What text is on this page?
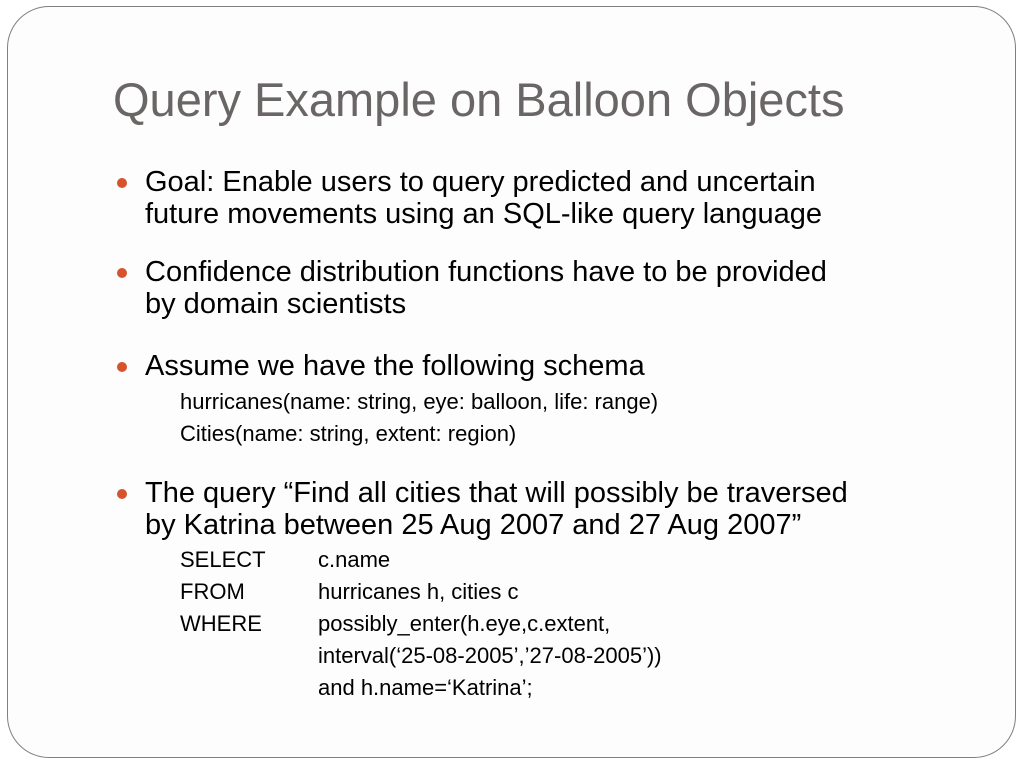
Query Example on Balloon Objects
Goal: Enable users to query predicted and uncertain
future movements using an SQL-like query language
Confidence distribution functions have to be provided
by domain scientists
Assume we have the following schema
hurricanes(name: string, eye: balloon, life: range)
Cities(name: string, extent: region)
The query “Find all cities that will possibly be traversed
by Katrina between 25 Aug 2007 and 27 Aug 2007”
SELECT c.name
FROM	hurricanes h, cities c
WHERE	possibly_enter(h.eye,c.extent,
interval(‘25-08-2005’,’27-08-2005’))
and h.name=‘Katrina’;
